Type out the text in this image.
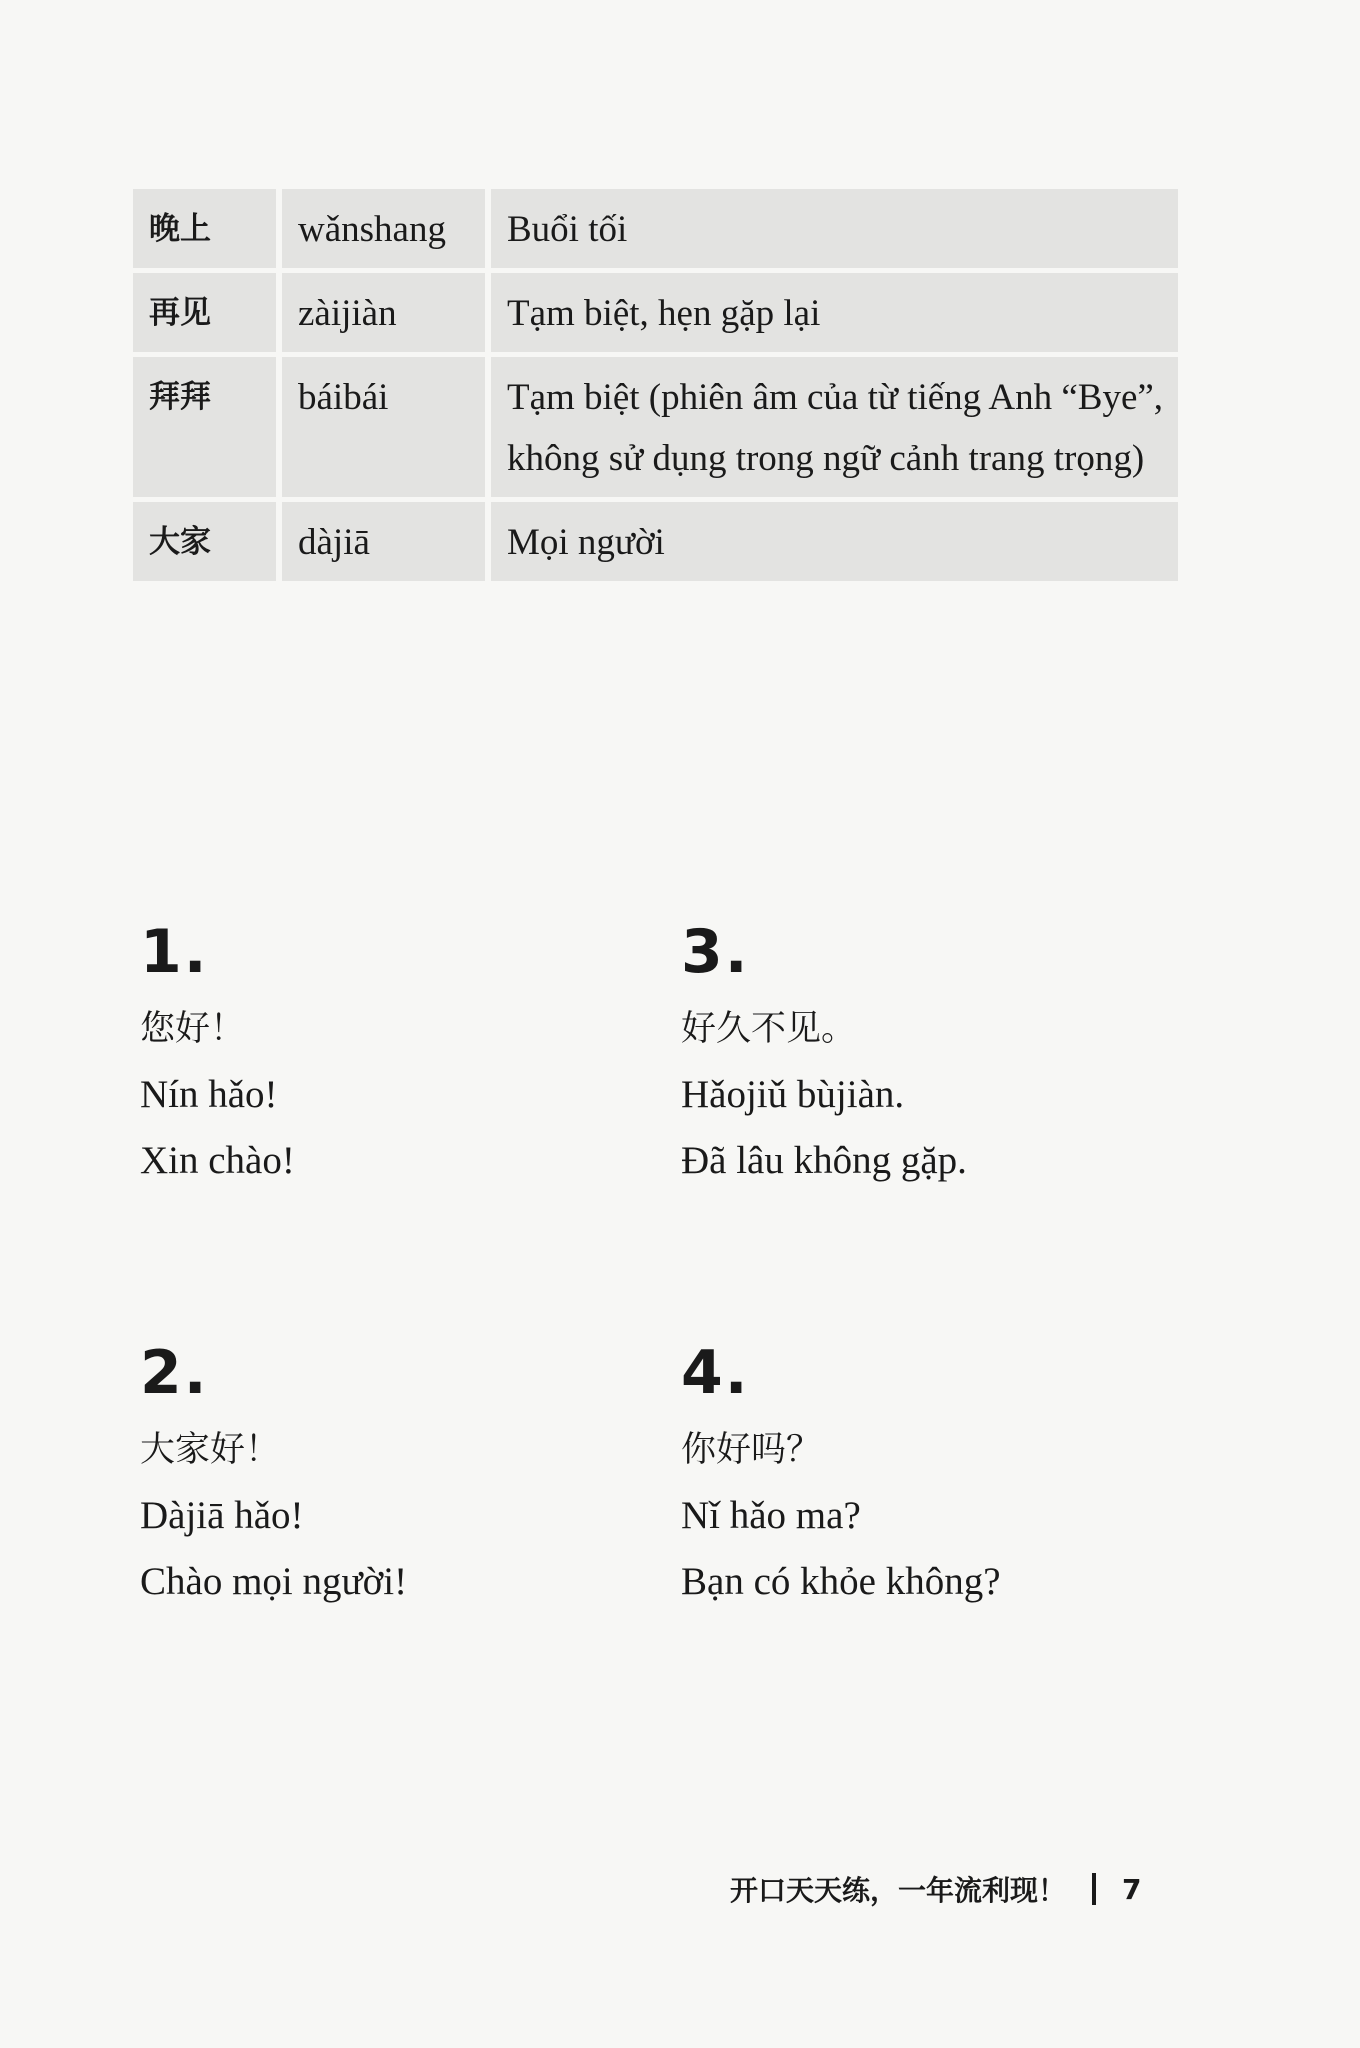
晚上	wǎnshang	Buổi tối
再见	zàijiàn	Tạm biệt, hẹn gặp lại
拜拜	báibái	Tạm biệt (phiên âm của từ tiếng Anh “Bye”, không sử dụng trong ngữ cảnh trang trọng)
大家	dàjiā	Mọi người
1.
您好！
Nín hǎo!
Xin chào!
2.
大家好！
Dàjiā hǎo!
Chào mọi người!
3.
好久不见。
Hǎojiǔ bùjiàn.
Đã lâu không gặp.
4.
你好吗？
Nǐ hǎo ma?
Bạn có khỏe không?
开口天天练，一年流利现！ 7
